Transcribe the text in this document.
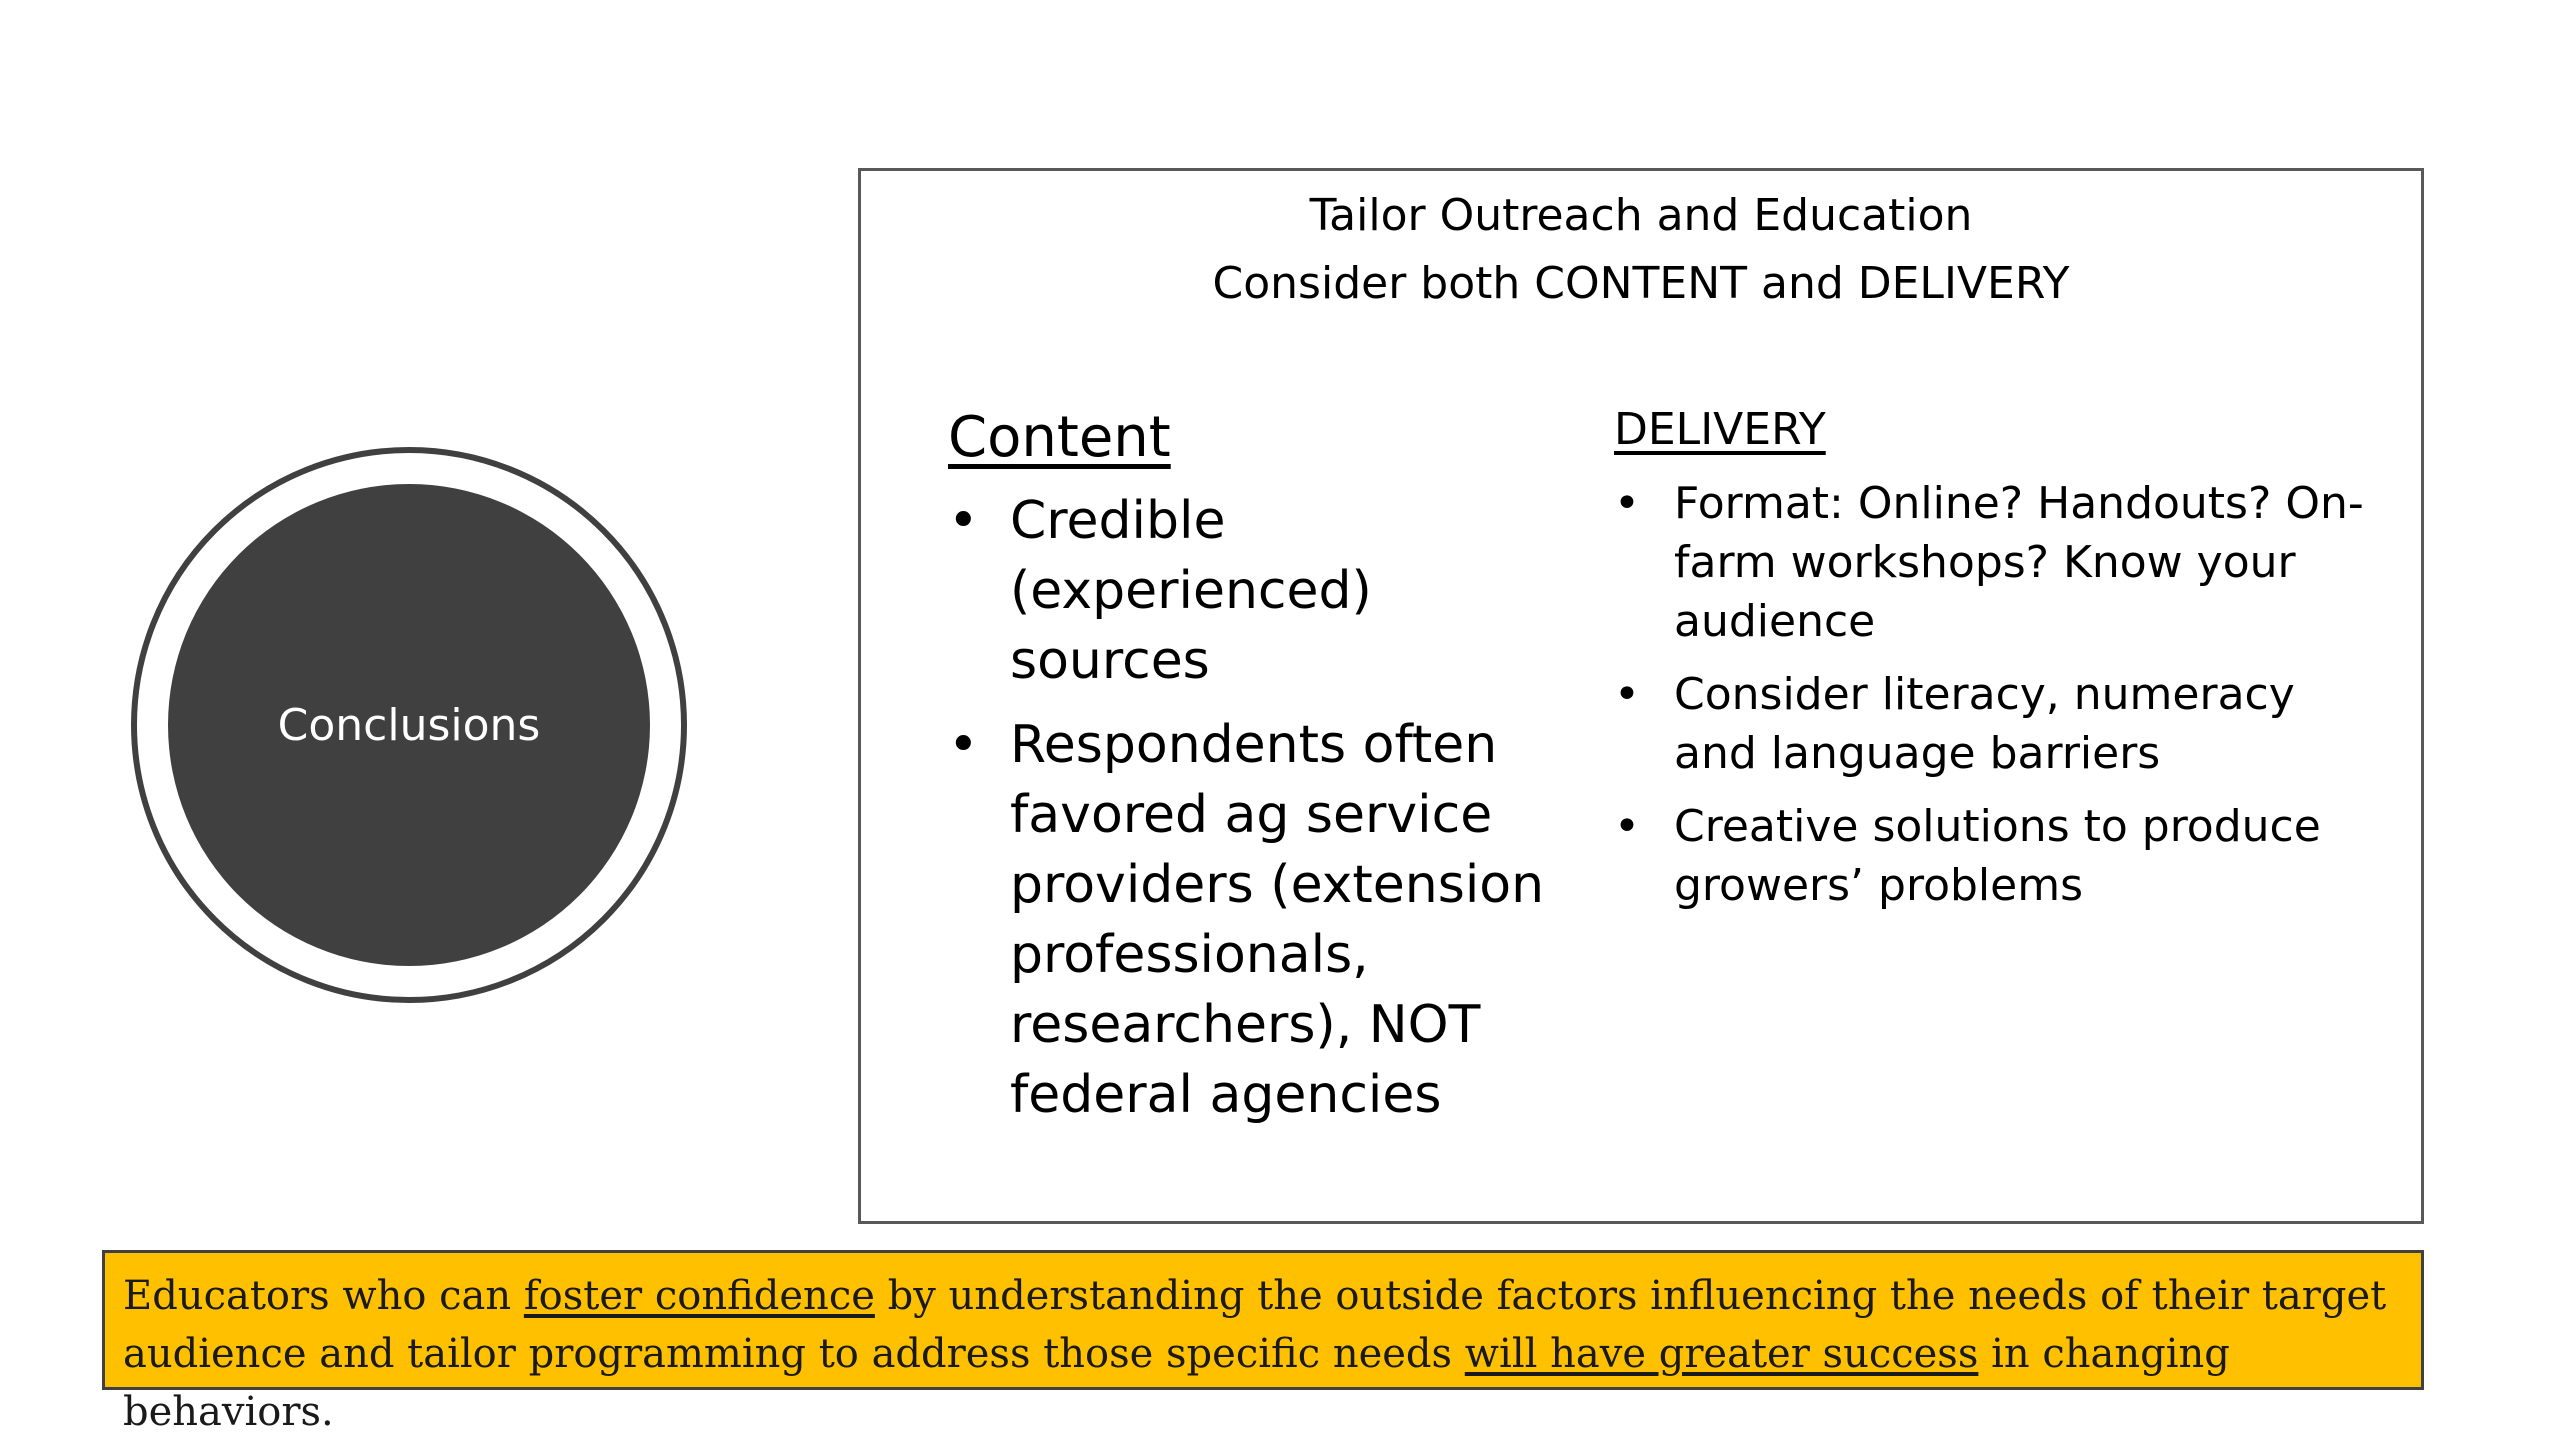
Conclusions
Tailor Outreach and Education
Consider both CONTENT and DELIVERY
Content
• Credible (experienced) sources
• Respondents often favored ag service providers (extension professionals, researchers), NOT federal agencies
DELIVERY
• Format: Online? Handouts? On-farm workshops? Know your audience
• Consider literacy, numeracy and language barriers
• Creative solutions to produce growers’ problems
Educators who can foster confidence by understanding the outside factors influencing the needs of their target audience and tailor programming to address those specific needs will have greater success in changing behaviors.
